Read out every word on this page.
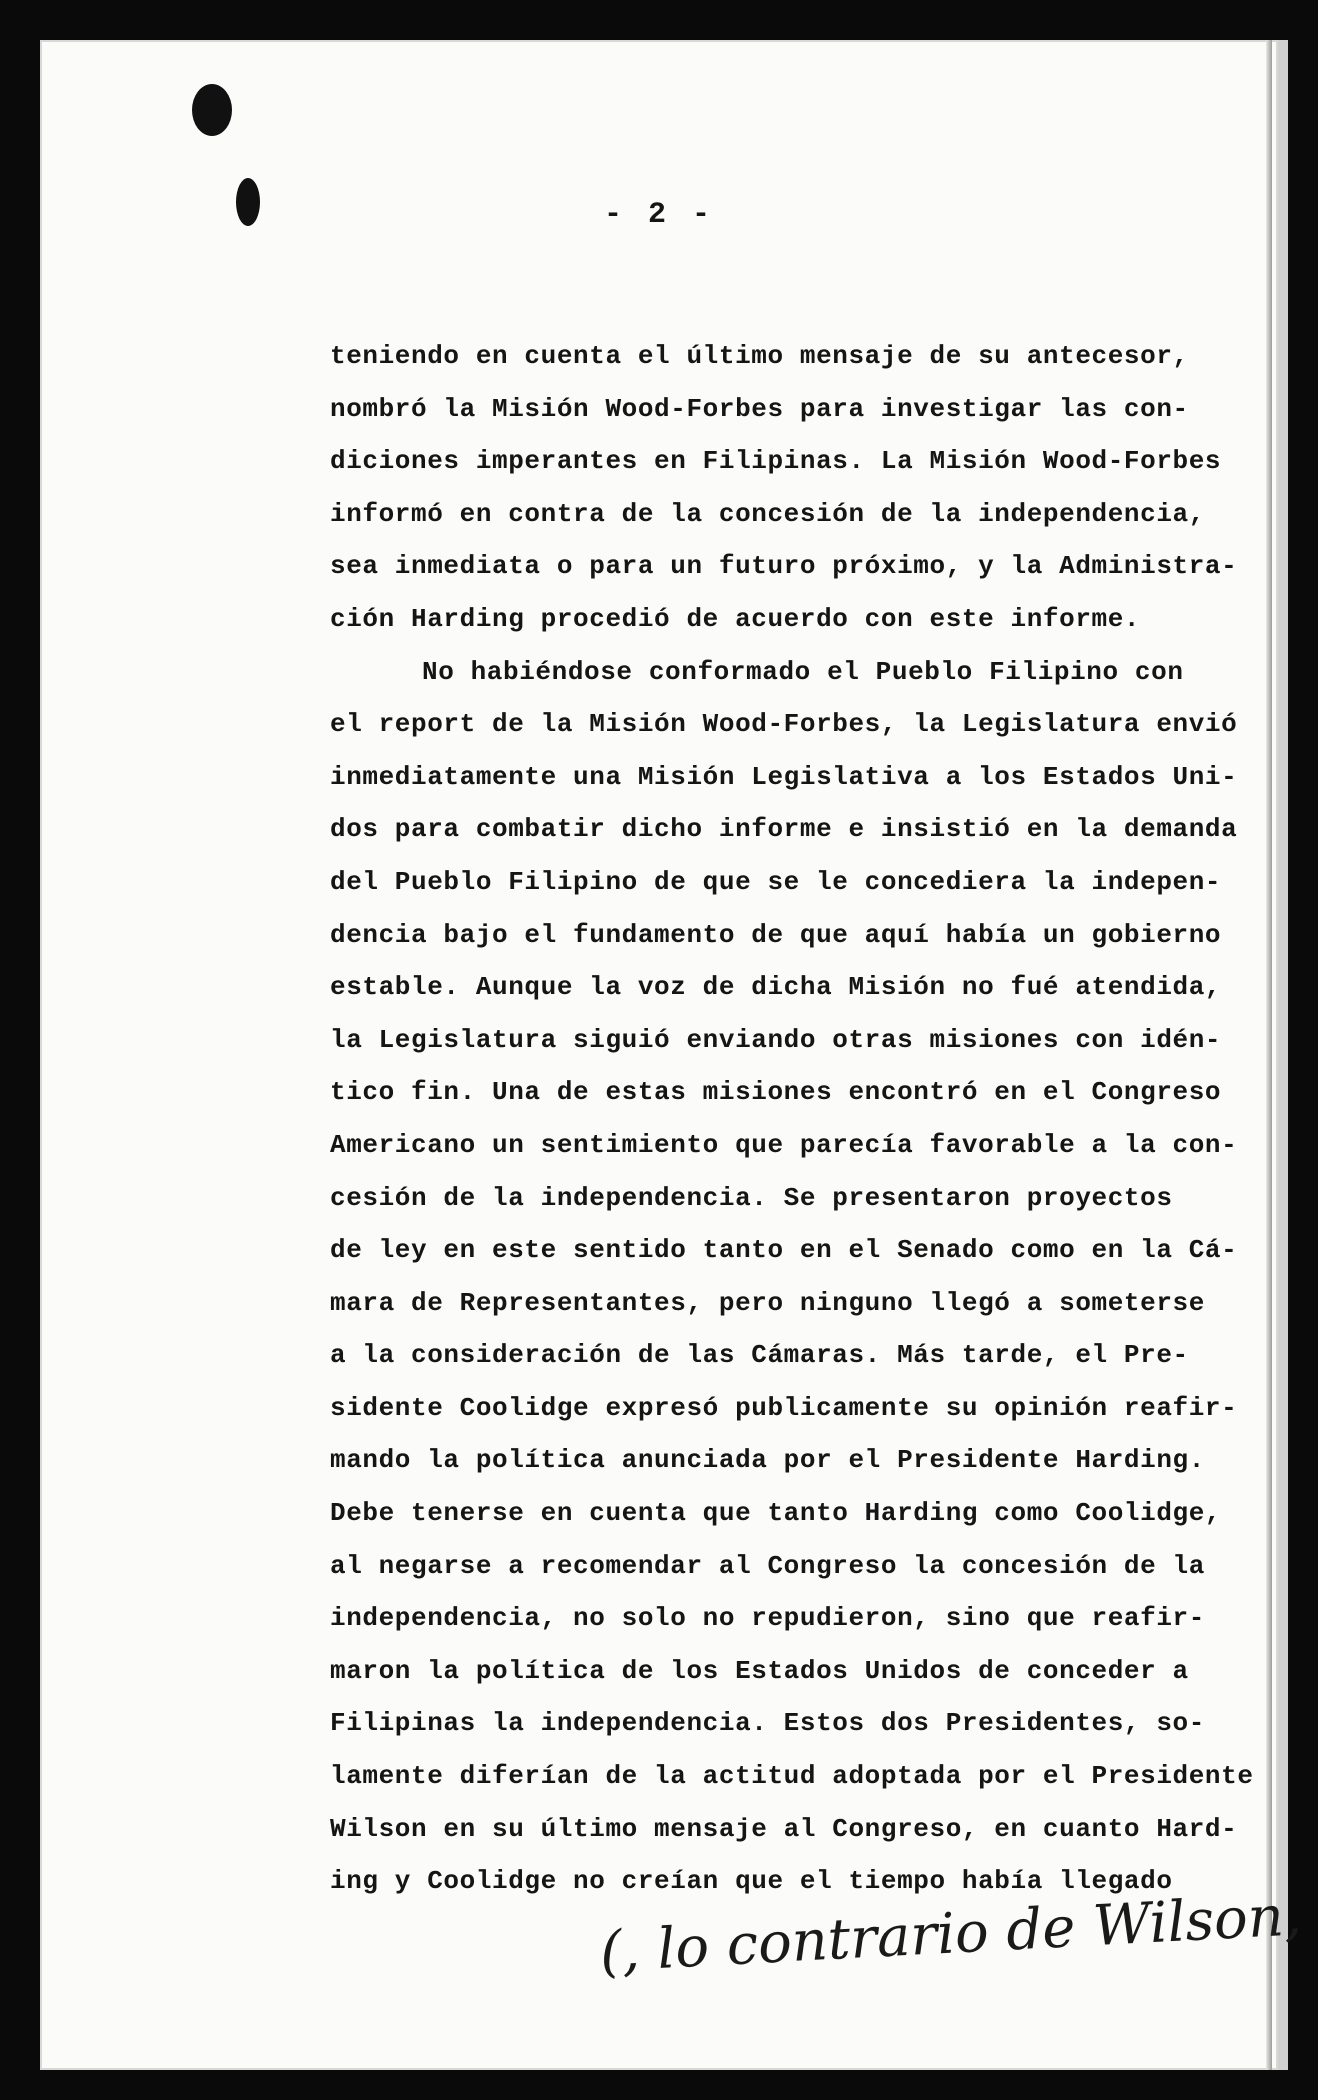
- 2 -
teniendo en cuenta el último mensaje de su antecesor,
nombró la Misión Wood-Forbes para investigar las con-
diciones imperantes en Filipinas. La Misión Wood-Forbes
informó en contra de la concesión de la independencia,
sea inmediata o para un futuro próximo, y la Administra-
ción Harding procedió de acuerdo con este informe.
No habiéndose conformado el Pueblo Filipino con
el report de la Misión Wood-Forbes, la Legislatura envió
inmediatamente una Misión Legislativa a los Estados Uni-
dos para combatir dicho informe e insistió en la demanda
del Pueblo Filipino de que se le concediera la indepen-
dencia bajo el fundamento de que aquí había un gobierno
estable. Aunque la voz de dicha Misión no fué atendida,
la Legislatura siguió enviando otras misiones con idén-
tico fin. Una de estas misiones encontró en el Congreso
Americano un sentimiento que parecía favorable a la con-
cesión de la independencia. Se presentaron proyectos
de ley en este sentido tanto en el Senado como en la Cá-
mara de Representantes, pero ninguno llegó a someterse
a la consideración de las Cámaras. Más tarde, el Pre-
sidente Coolidge expresó publicamente su opinión reafir-
mando la política anunciada por el Presidente Harding.
Debe tenerse en cuenta que tanto Harding como Coolidge,
al negarse a recomendar al Congreso la concesión de la
independencia, no solo no repudieron, sino que reafir-
maron la política de los Estados Unidos de conceder a
Filipinas la independencia. Estos dos Presidentes, so-
lamente diferían de la actitud adoptada por el Presidente
Wilson en su último mensaje al Congreso, en cuanto Hard-
ing y Coolidge no creían que el tiempo había llegado
(, lo contrario de Wilson,
